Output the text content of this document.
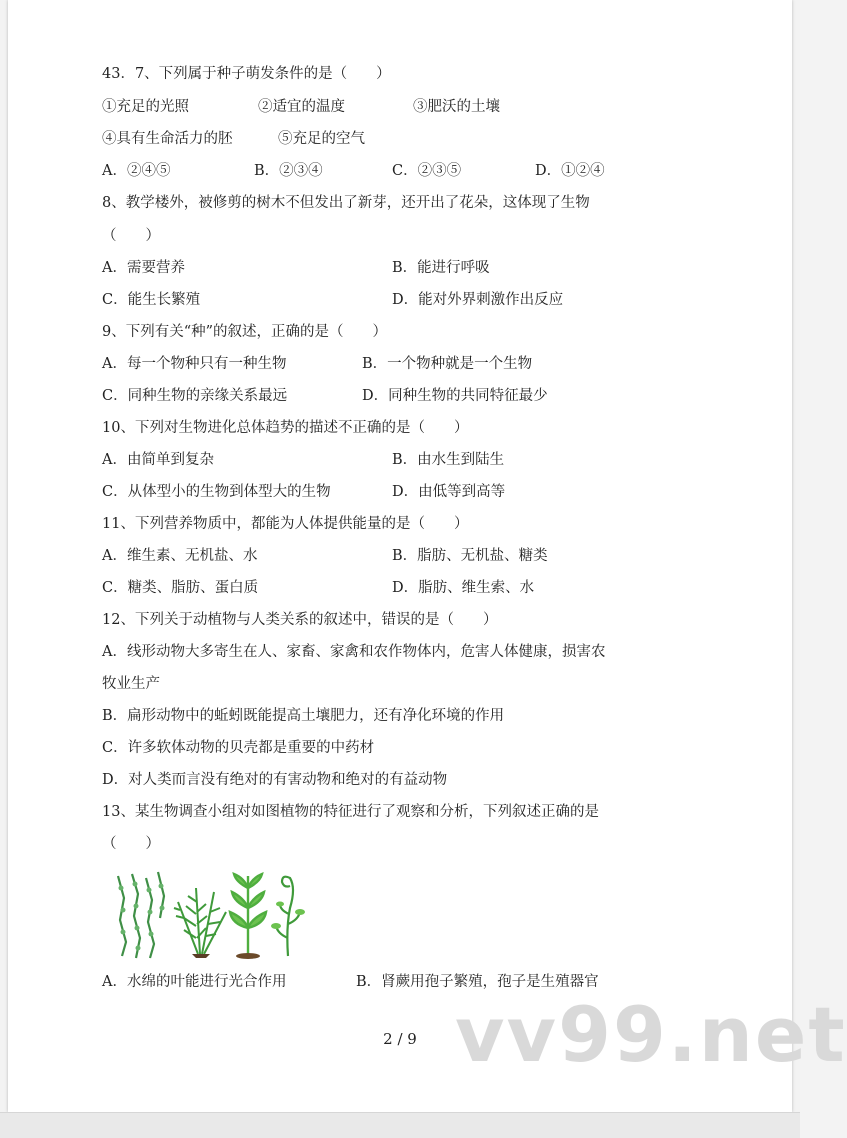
43．7、下列属于种子萌发条件的是（　　）
①充足的光照	②适宜的温度	③肥沃的土壤
④具有生命活力的胚	⑤充足的空气
A．②④⑤	B．②③④	C．②③⑤	D．①②④
8、教学楼外，被修剪的树木不但发出了新芽，还开出了花朵，这体现了生物
（　　）
A．需要营养	B．能进行呼吸
C．能生长繁殖	D．能对外界刺激作出反应
9、下列有关“种”的叙述，正确的是（　　）
A．每一个物种只有一种生物	B．一个物种就是一个生物
C．同种生物的亲缘关系最远	D．同种生物的共同特征最少
10、下列对生物进化总体趋势的描述不正确的是（　　）
A．由简单到复杂	B．由水生到陆生
C．从体型小的生物到体型大的生物	D．由低等到高等
11、下列营养物质中，都能为人体提供能量的是（　　）
A．维生素、无机盐、水	B．脂肪、无机盐、糖类
C．糖类、脂肪、蛋白质	D．脂肪、维生索、水
12、下列关于动植物与人类关系的叙述中，错误的是（　　）
A．线形动物大多寄生在人、家畜、家禽和农作物体内，危害人体健康，损害农
牧业生产
B．扁形动物中的蚯蚓既能提高土壤肥力，还有净化环境的作用
C．许多软体动物的贝壳都是重要的中药材
D．对人类而言没有绝对的有害动物和绝对的有益动物
13、某生物调查小组对如图植物的特征进行了观察和分析，下列叙述正确的是
（　　）
A．水绵的叶能进行光合作用	B．肾蕨用孢子繁殖，孢子是生殖器官
vv99.net
2 / 9
